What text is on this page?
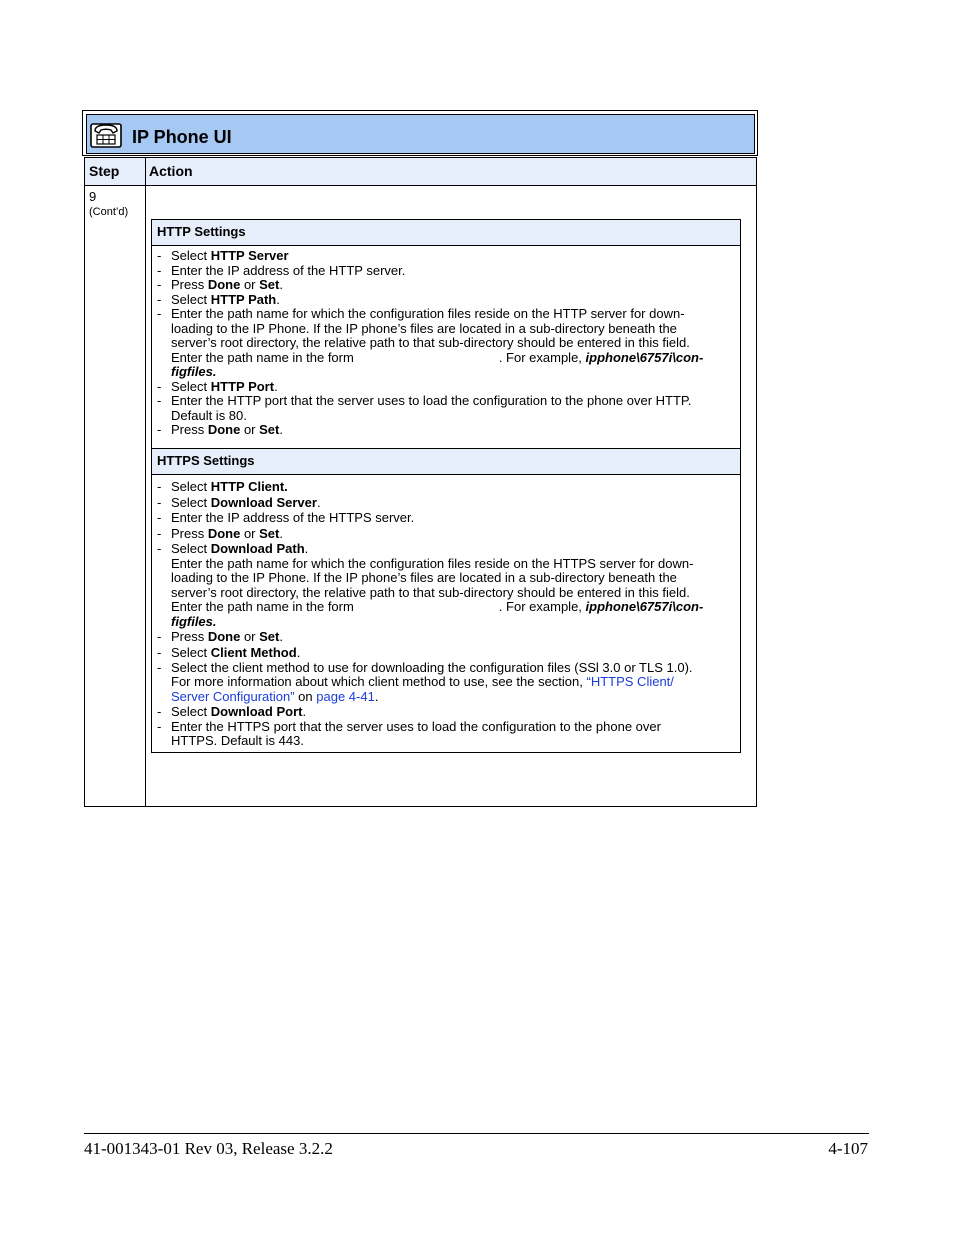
IP Phone UI
Step Action
9
(Cont’d)
HTTP Settings
- Select HTTP Server
- Enter the IP address of the HTTP server.
- Press Done or Set.
- Select HTTP Path.
- Enter the path name for which the configuration files reside on the HTTP server for down-
loading to the IP Phone. If the IP phone’s files are located in a sub-directory beneath the
server’s root directory, the relative path to that sub-directory should be entered in this field.
Enter the path name in the form	. For example, ipphone\6757i\con-
figfiles.
- Select HTTP Port.
- Enter the HTTP port that the server uses to load the configuration to the phone over HTTP.
Default is 80.
- Press Done or Set.
HTTPS Settings
- Select HTTP Client.
- Select Download Server.
- Enter the IP address of the HTTPS server.
- Press Done or Set.
- Select Download Path.
Enter the path name for which the configuration files reside on the HTTPS server for down-
loading to the IP Phone. If the IP phone’s files are located in a sub-directory beneath the
server’s root directory, the relative path to that sub-directory should be entered in this field.
Enter the path name in the form	. For example, ipphone\6757i\con-
figfiles.
- Press Done or Set.
- Select Client Method.
- Select the client method to use for downloading the configuration files (SSl 3.0 or TLS 1.0).
For more information about which client method to use, see the section, “HTTPS Client/
Server Configuration” on page 4-41.
- Select Download Port.
- Enter the HTTPS port that the server uses to load the configuration to the phone over
HTTPS. Default is 443.
41-001343-01 Rev 03, Release 3.2.2	4-107
